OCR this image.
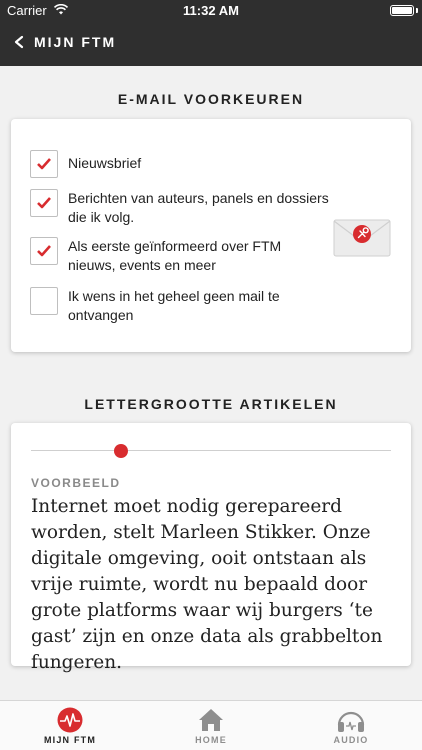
Carrier	11:32 AM
MIJN FTM
E-MAIL VOORKEUREN
Nieuwsbrief
Berichten van auteurs, panels en dossiers die ik volg.
Als eerste geïnformeerd over FTM nieuws, events en meer
Ik wens in het geheel geen mail te ontvangen
LETTERGROOTTE ARTIKELEN
VOORBEELD
Internet moet nodig gerepareerd worden, stelt Marleen Stikker. Onze digitale omgeving, ooit ontstaan als vrije ruimte, wordt nu bepaald door grote platforms waar wij burgers ‘te gast’ zijn en onze data als grabbelton fungeren.
MIJN FTM	HOME	AUDIO
